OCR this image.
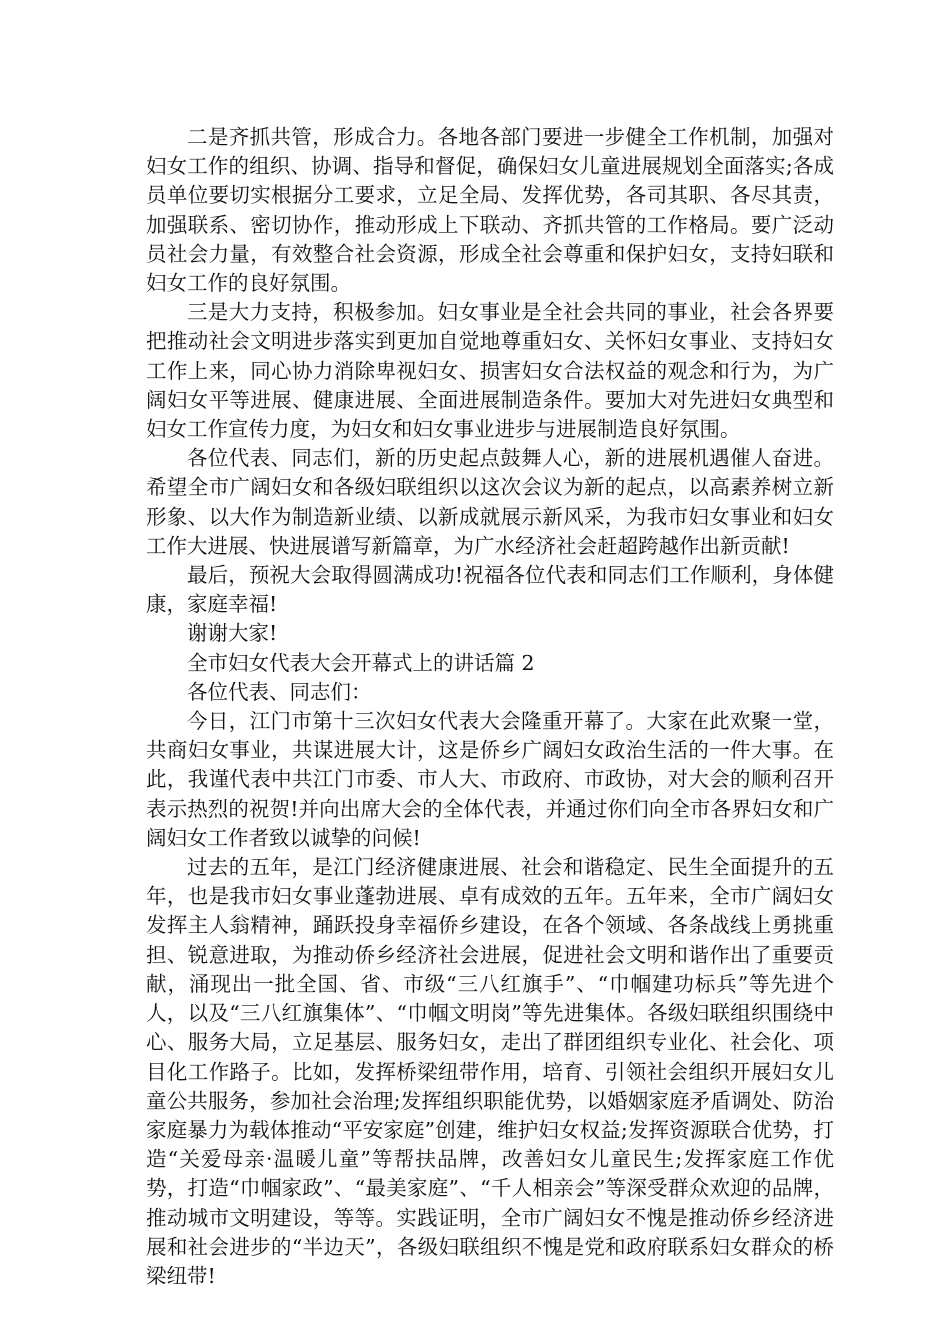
二是齐抓共管，形成合力。各地各部门要进一步健全工作机制，加强对妇女工作的组织、协调、指导和督促，确保妇女儿童进展规划全面落实;各成员单位要切实根据分工要求，立足全局、发挥优势，各司其职、各尽其责，加强联系、密切协作，推动形成上下联动、齐抓共管的工作格局。要广泛动员社会力量，有效整合社会资源，形成全社会尊重和保护妇女，支持妇联和妇女工作的良好氛围。

三是大力支持，积极参加。妇女事业是全社会共同的事业，社会各界要把推动社会文明进步落实到更加自觉地尊重妇女、关怀妇女事业、支持妇女工作上来，同心协力消除卑视妇女、损害妇女合法权益的观念和行为，为广阔妇女平等进展、健康进展、全面进展制造条件。要加大对先进妇女典型和妇女工作宣传力度，为妇女和妇女事业进步与进展制造良好氛围。

各位代表、同志们，新的历史起点鼓舞人心，新的进展机遇催人奋进。希望全市广阔妇女和各级妇联组织以这次会议为新的起点，以高素养树立新形象、以大作为制造新业绩、以新成就展示新风采，为我市妇女事业和妇女工作大进展、快进展谱写新篇章，为广水经济社会赶超跨越作出新贡献!

最后，预祝大会取得圆满成功!祝福各位代表和同志们工作顺利，身体健康，家庭幸福!

谢谢大家!

全市妇女代表大会开幕式上的讲话篇 2

各位代表、同志们：

今日，江门市第十三次妇女代表大会隆重开幕了。大家在此欢聚一堂，共商妇女事业，共谋进展大计，这是侨乡广阔妇女政治生活的一件大事。在此，我谨代表中共江门市委、市人大、市政府、市政协，对大会的顺利召开表示热烈的祝贺!并向出席大会的全体代表，并通过你们向全市各界妇女和广阔妇女工作者致以诚挚的问候!

过去的五年，是江门经济健康进展、社会和谐稳定、民生全面提升的五年，也是我市妇女事业蓬勃进展、卓有成效的五年。五年来，全市广阔妇女发挥主人翁精神，踊跃投身幸福侨乡建设，在各个领域、各条战线上勇挑重担、锐意进取，为推动侨乡经济社会进展，促进社会文明和谐作出了重要贡献，涌现出一批全国、省、市级“三八红旗手”、“巾帼建功标兵”等先进个人，以及“三八红旗集体”、“巾帼文明岗”等先进集体。各级妇联组织围绕中心、服务大局，立足基层、服务妇女，走出了群团组织专业化、社会化、项目化工作路子。比如，发挥桥梁纽带作用，培育、引领社会组织开展妇女儿童公共服务，参加社会治理;发挥组织职能优势，以婚姻家庭矛盾调处、防治家庭暴力为载体推动“平安家庭”创建，维护妇女权益;发挥资源联合优势，打造“关爱母亲·温暖儿童”等帮扶品牌，改善妇女儿童民生;发挥家庭工作优势，打造“巾帼家政”、“最美家庭”、“千人相亲会”等深受群众欢迎的品牌，推动城市文明建设，等等。实践证明，全市广阔妇女不愧是推动侨乡经济进展和社会进步的“半边天”，各级妇联组织不愧是党和政府联系妇女群众的桥梁纽带!
